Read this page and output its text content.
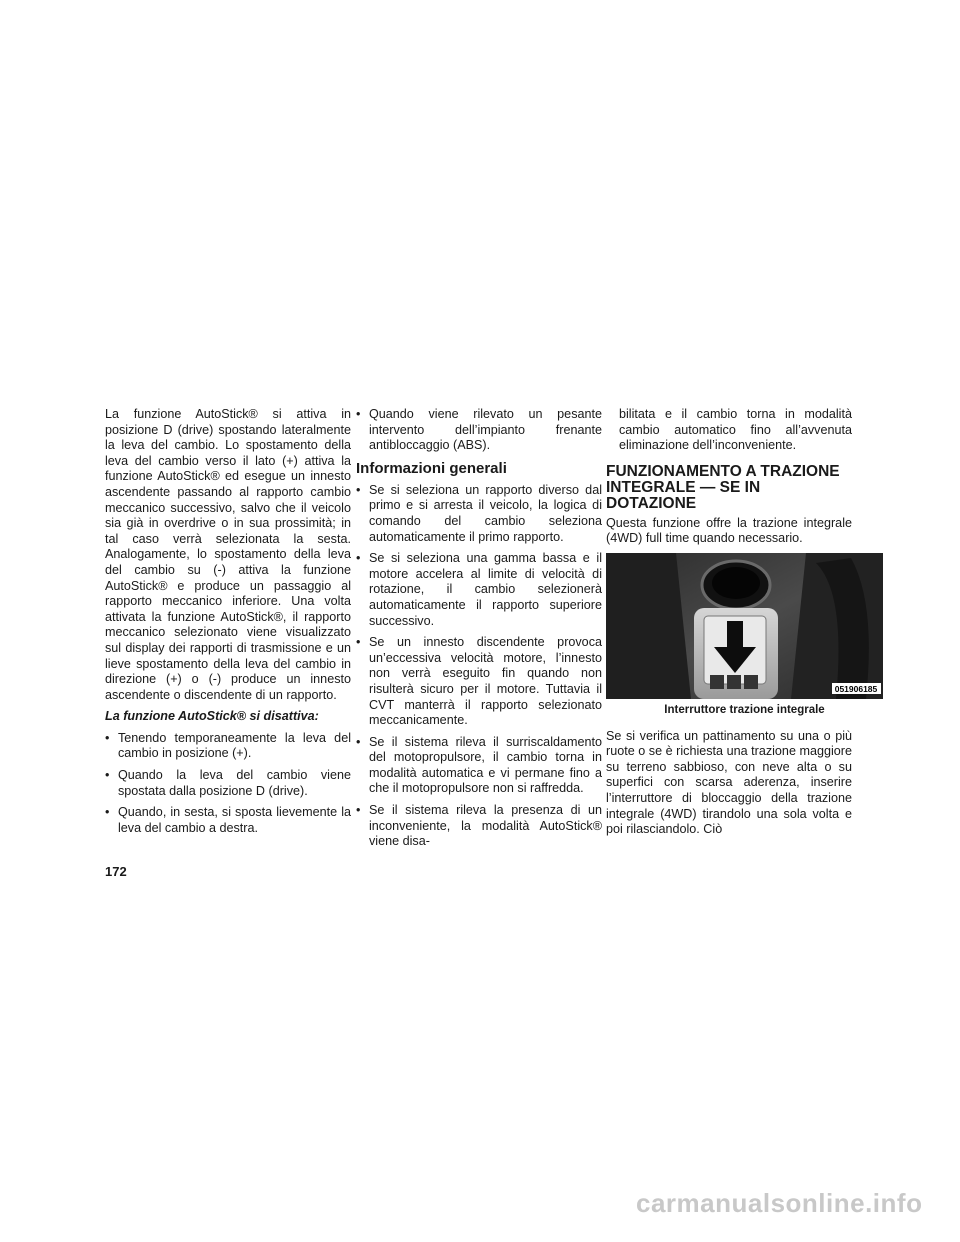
La funzione AutoStick® si attiva in posizione D (drive) spostando lateralmente la leva del cambio. Lo spostamento della leva del cambio verso il lato (+) attiva la funzione AutoStick® ed esegue un innesto ascendente passando al rapporto cambio meccanico successivo, salvo che il veicolo sia già in overdrive o in sua prossimità; in tal caso verrà selezionata la sesta. Analogamente, lo spostamento della leva del cambio su (-) attiva la funzione AutoStick® e produce un passaggio al rapporto meccanico inferiore. Una volta attivata la funzione AutoStick®, il rapporto meccanico selezionato viene visualizzato sul display dei rapporti di trasmissione e un lieve spostamento della leva del cambio in direzione (+) o (-) produce un innesto ascendente o discendente di un rapporto.

La funzione AutoStick® si disattiva:
• Tenendo temporaneamente la leva del cambio in posizione (+).
• Quando la leva del cambio viene spostata dalla posizione D (drive).
• Quando, in sesta, si sposta lievemente la leva del cambio a destra.
• Quando viene rilevato un pesante intervento dell’impianto frenante antibloccaggio (ABS).
Informazioni generali
• Se si seleziona un rapporto diverso dal primo e si arresta il veicolo, la logica di comando del cambio seleziona automaticamente il primo rapporto.
• Se si seleziona una gamma bassa e il motore accelera al limite di velocità di rotazione, il cambio selezionerà automaticamente il rapporto superiore successivo.
• Se un innesto discendente provoca un’eccessiva velocità motore, l’innesto non verrà eseguito fin quando non risulterà sicuro per il motore. Tuttavia il CVT manterrà il rapporto selezionato meccanicamente.
• Se il sistema rileva il surriscaldamento del motopropulsore, il cambio torna in modalità automatica e vi permane fino a che il motopropulsore non si raffredda.
• Se il sistema rileva la presenza di un inconveniente, la modalità AutoStick® viene disa-

bilitata e il cambio torna in modalità cambio automatico fino all’avvenuta eliminazione dell’inconveniente.

FUNZIONAMENTO A TRAZIONE INTEGRALE — SE IN DOTAZIONE

Questa funzione offre la trazione integrale (4WD) full time quando necessario.

051906185
Interruttore trazione integrale

Se si verifica un pattinamento su una o più ruote o se è richiesta una trazione maggiore su terreno sabbioso, con neve alta o su superfici con scarsa aderenza, inserire l’interruttore di bloccaggio della trazione integrale (4WD) tirandolo una sola volta e poi rilasciandolo. Ciò

172
carmanualsonline.info
